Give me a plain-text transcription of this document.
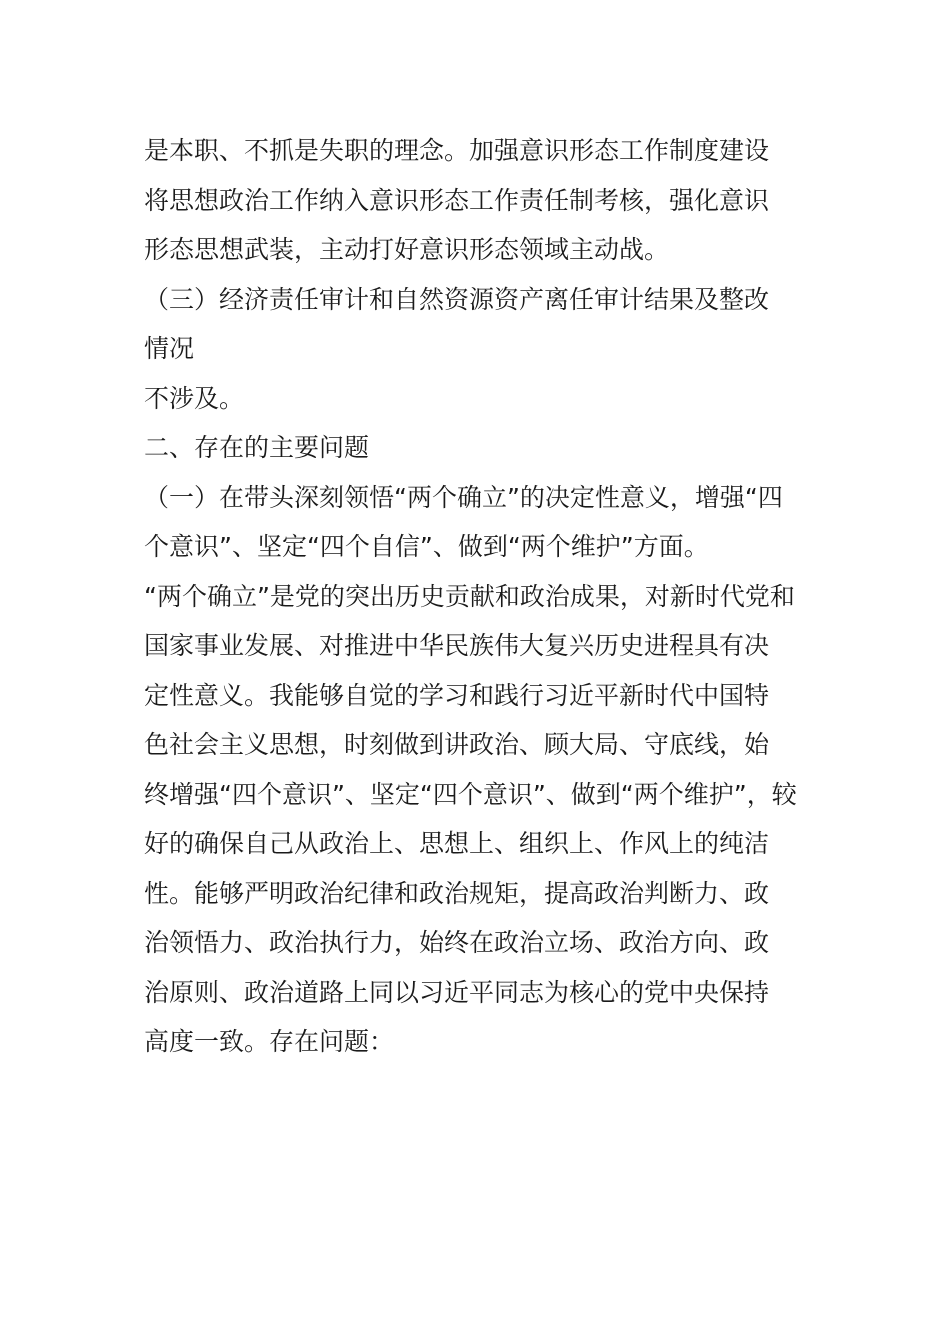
是本职、不抓是失职的理念。加强意识形态工作制度建设
将思想政治工作纳入意识形态工作责任制考核，强化意识
形态思想武装，主动打好意识形态领域主动战。
（三）经济责任审计和自然资源资产离任审计结果及整改
情况
不涉及。
二、存在的主要问题
（一）在带头深刻领悟“两个确立”的决定性意义，增强“四
个意识”、坚定“四个自信”、做到“两个维护”方面。
“两个确立”是党的突出历史贡献和政治成果，对新时代党和
国家事业发展、对推进中华民族伟大复兴历史进程具有决
定性意义。我能够自觉的学习和践行习近平新时代中国特
色社会主义思想，时刻做到讲政治、顾大局、守底线，始
终增强“四个意识”、坚定“四个意识”、做到“两个维护”，较
好的确保自己从政治上、思想上、组织上、作风上的纯洁
性。能够严明政治纪律和政治规矩，提高政治判断力、政
治领悟力、政治执行力，始终在政治立场、政治方向、政
治原则、政治道路上同以习近平同志为核心的党中央保持
高度一致。存在问题：
